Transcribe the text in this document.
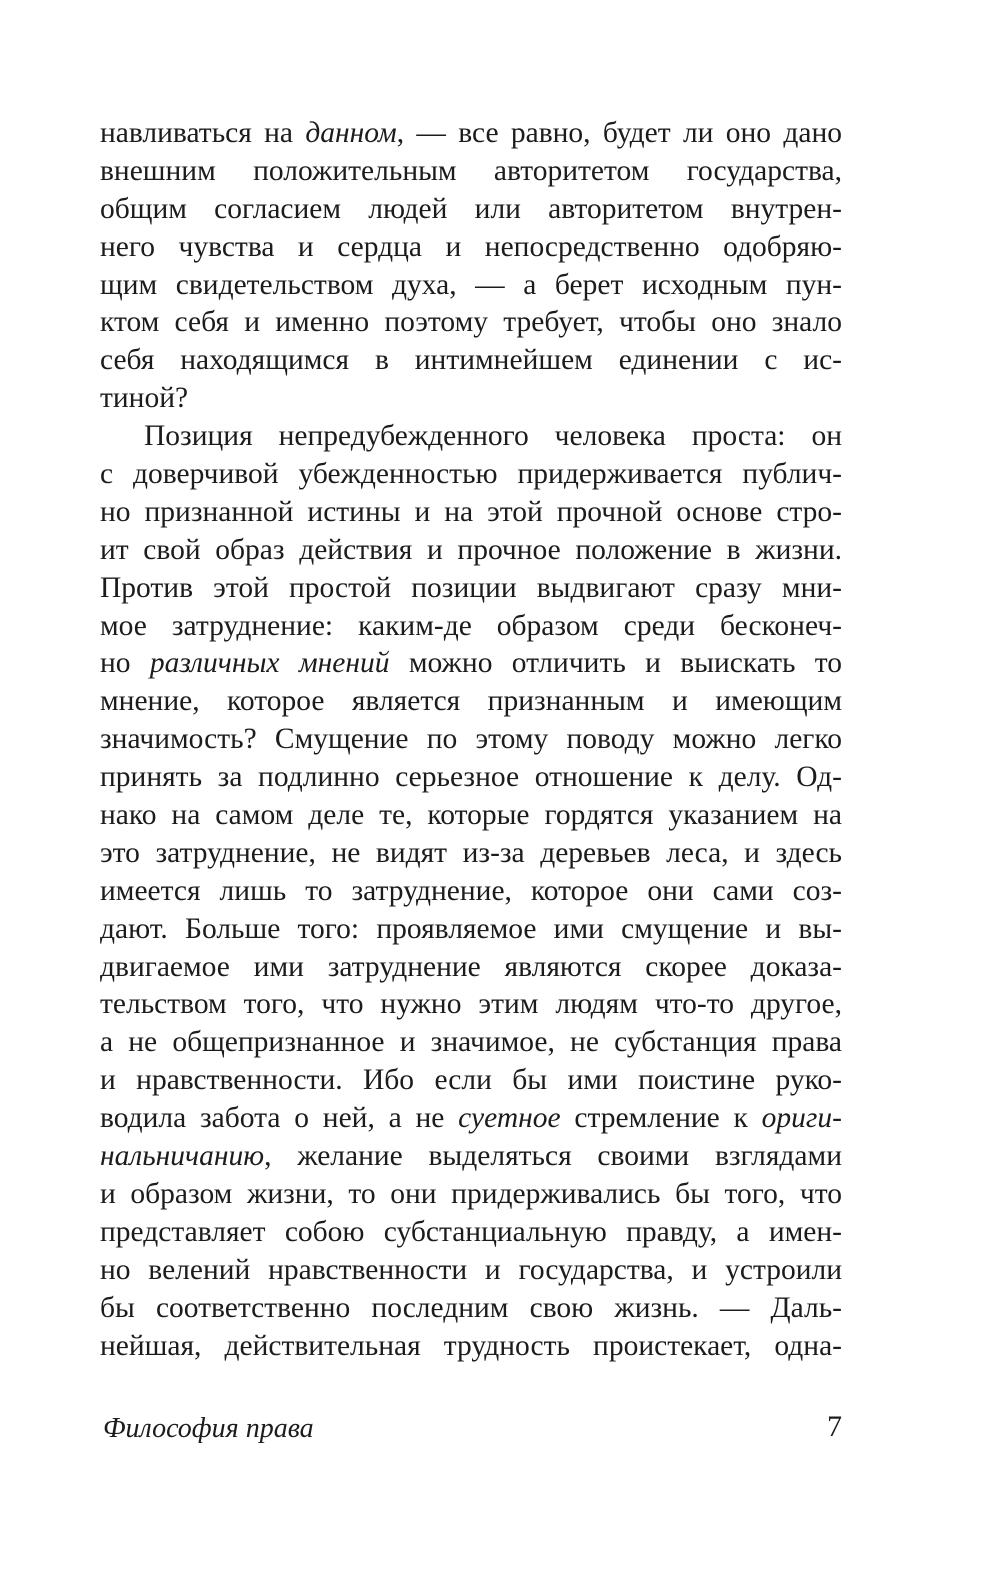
навливаться на данном, — все равно, будет ли оно дано
внешним положительным авторитетом государства,
общим согласием людей или авторитетом внутрен-
него чувства и сердца и непосредственно одобряю-
щим свидетельством духа, — а берет исходным пун-
ктом себя и именно поэтому требует, чтобы оно знало
себя находящимся в интимнейшем единении с ис-
тиной?
Позиция непредубежденного человека проста: он
с доверчивой убежденностью придерживается публич-
но признанной истины и на этой прочной основе стро-
ит свой образ действия и прочное положение в жизни.
Против этой простой позиции выдвигают сразу мни-
мое затруднение: каким-де образом среди бесконеч-
но различных мнений можно отличить и выискать то
мнение, которое является признанным и имеющим
значимость? Смущение по этому поводу можно легко
принять за подлинно серьезное отношение к делу. Од-
нако на самом деле те, которые гордятся указанием на
это затруднение, не видят из-за деревьев леса, и здесь
имеется лишь то затруднение, которое они сами соз-
дают. Больше того: проявляемое ими смущение и вы-
двигаемое ими затруднение являются скорее доказа-
тельством того, что нужно этим людям что-то другое,
а не общепризнанное и значимое, не субстанция права
и нравственности. Ибо если бы ими поистине руко-
водила забота о ней, а не суетное стремление к ориги-
нальничанию, желание выделяться своими взглядами
и образом жизни, то они придерживались бы того, что
представляет собою субстанциальную правду, а имен-
но велений нравственности и государства, и устроили
бы соответственно последним свою жизнь. — Даль-
нейшая, действительная трудность проистекает, одна-
Философия права	7
